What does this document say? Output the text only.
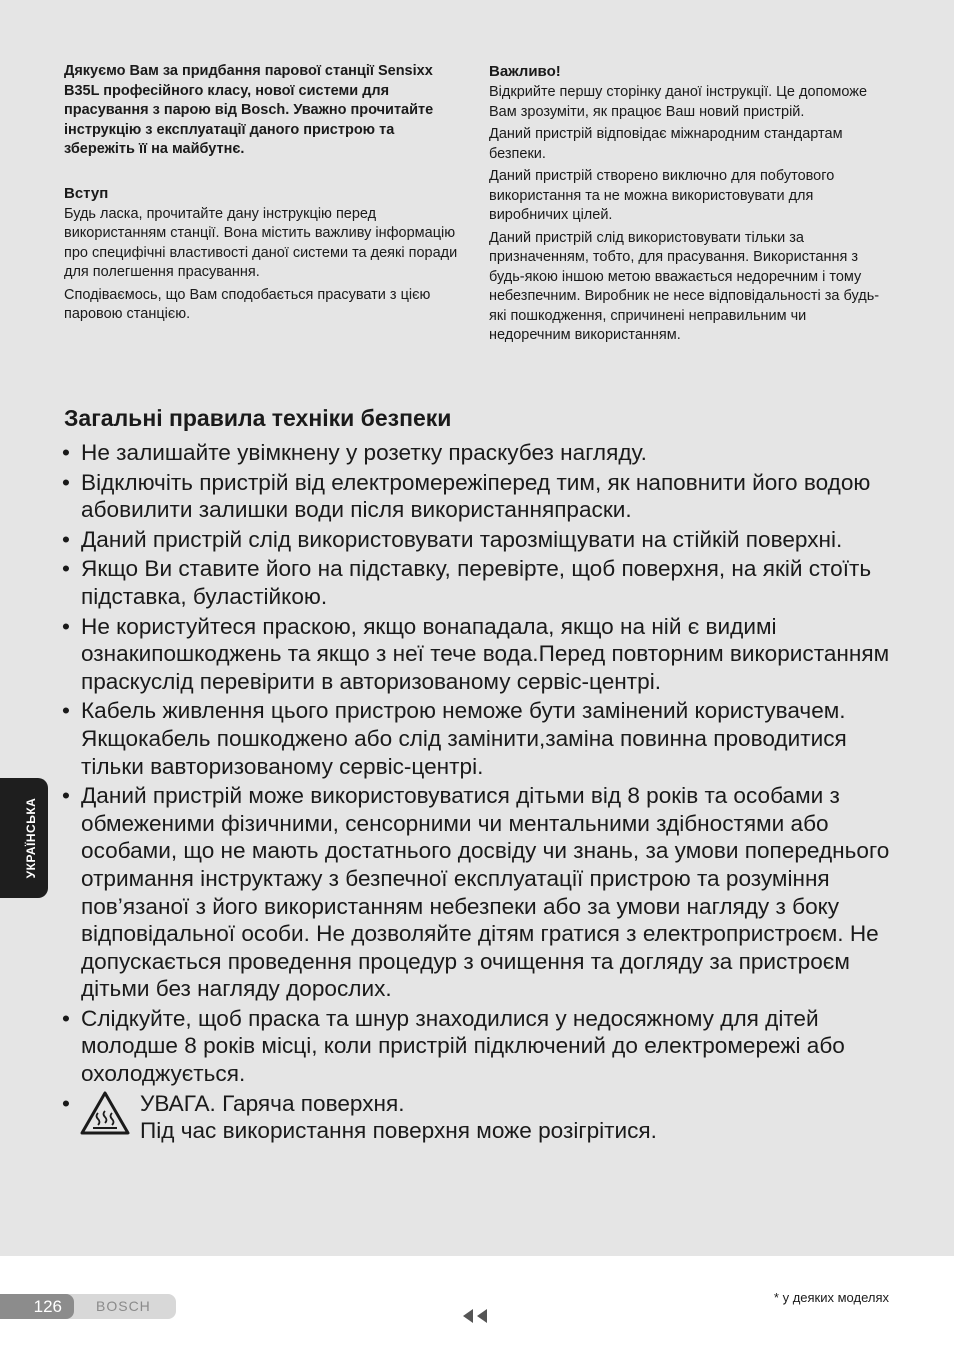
Дякуємо Вам за придбання парової станції Sensixx B35L професійного класу, нової системи для прасування з парою від Bosch. Уважно прочитайте інструкцію з експлуатації даного пристрою та збережіть її на майбутнє.

Вступ

Будь ласка, прочитайте дану інструкцію перед використанням станції. Вона містить важливу інформацію про специфічні властивості даної системи та деякі поради для полегшення прасування.

Сподіваємось, що Вам сподобається прасувати з цією паровою станцією.

Важливо!

Відкрийте першу сторінку даної інструкції. Це допоможе Вам зрозуміти, як працює Ваш новий пристрій.

Даний пристрій відповідає міжнародним стандартам безпеки.

Даний пристрій створено виключно для побутового використання та не можна використовувати для виробничих цілей.

Даний пристрій слід використовувати тільки за призначенням, тобто, для прасування. Використання з будь-якою іншою метою вважається недоречним і тому небезпечним. Виробник не несе відповідальності за будь-які пошкодження, спричинені неправильним чи недоречним використанням.

Загальні правила техніки безпеки
• Не залишайте увімкнену у розетку праскубез нагляду.
• Відключіть пристрій від електромережіперед тим, як наповнити його водою абовилити залишки води після використанняпраски.
• Даний пристрій слід використовувати тарозміщувати на стійкій поверхні.
• Якщо Ви ставите його на підставку, перевірте, щоб поверхня, на якій стоїть підставка, буластійкою.
• Не користуйтеся праскою, якщо вонападала, якщо на ній є видимі ознакипошкоджень та якщо з неї тече вода.Перед повторним використанням праскуслід перевірити в авторизованому сервіс-центрі.
• Кабель живлення цього пристрою неможе бути замінений користувачем. Якщокабель пошкоджено або слід замінити,заміна повинна проводитися тільки вавторизованому сервіс-центрі.
• Даний пристрій може використовуватися дітьми від 8 років та особами з обмеженими фізичними, сенсорними чи ментальними здібностями або особами, що не мають достатнього досвіду чи знань, за умови попереднього отримання інструктажу з безпечної експлуатації пристрою та розуміння пов’язаної з його використанням небезпеки або за умови нагляду з боку відповідальної особи. Не дозволяйте дітям гратися з електропристроєм. Не допускається проведення процедур з очищення та догляду за пристроєм дітьми без нагляду дорослих.
• Слідкуйте, щоб праска та шнур знаходилися у недосяжному для дітей молодше 8 років місці, коли пристрій підключений до електромережі або охолоджується.
•	УВАГА. Гаряча поверхня.
Під час використання поверхня може розігрітися.
УКРАЇНСЬКА
126	BOSCH
* у деяких моделях
